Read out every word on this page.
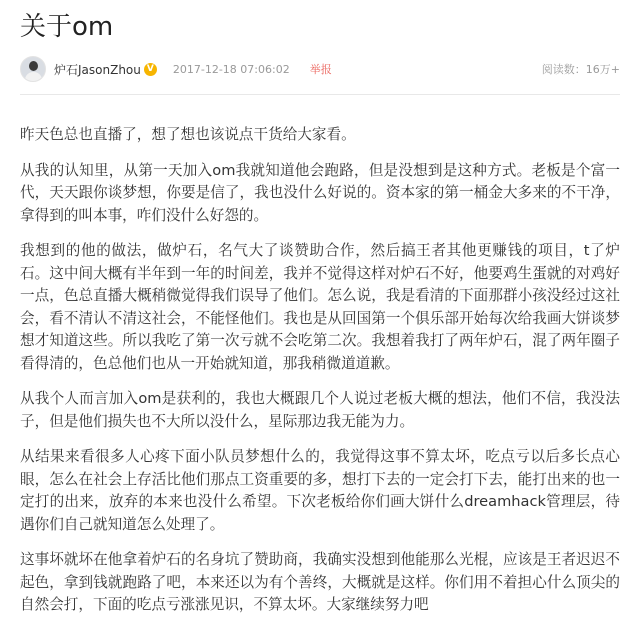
关于om
炉石JasonZhou V 2017-12-18 07:06:02 举报	阅读数：16万+

昨天色总也直播了，想了想也该说点干货给大家看。

从我的认知里，从第一天加入om我就知道他会跑路，但是没想到是这种方式。老板是个富一代，天天跟你谈梦想，你要是信了，我也没什么好说的。资本家的第一桶金大多来的不干净，拿得到的叫本事，咋们没什么好怨的。

我想到的他的做法，做炉石，名气大了谈赞助合作，然后搞王者其他更赚钱的项目，t了炉石。这中间大概有半年到一年的时间差，我并不觉得这样对炉石不好，他要鸡生蛋就的对鸡好一点，色总直播大概稍微觉得我们误导了他们。怎么说，我是看清的下面那群小孩没经过这社会，看不清认不清这社会，不能怪他们。我也是从回国第一个俱乐部开始每次给我画大饼谈梦想才知道这些。所以我吃了第一次亏就不会吃第二次。我想着我打了两年炉石，混了两年圈子看得清的，色总他们也从一开始就知道，那我稍微道道歉。

从我个人而言加入om是获利的，我也大概跟几个人说过老板大概的想法，他们不信，我没法子，但是他们损失也不大所以没什么，星际那边我无能为力。

从结果来看很多人心疼下面小队员梦想什么的，我觉得这事不算太坏，吃点亏以后多长点心眼，怎么在社会上存活比他们那点工资重要的多，想打下去的一定会打下去，能打出来的也一定打的出来，放弃的本来也没什么希望。下次老板给你们画大饼什么dreamhack管理层，待遇你们自己就知道怎么处理了。

这事坏就坏在他拿着炉石的名身坑了赞助商，我确实没想到他能那么光棍，应该是王者迟迟不起色，拿到钱就跑路了吧，本来还以为有个善终，大概就是这样。你们用不着担心什么顶尖的自然会打，下面的吃点亏涨涨见识，不算太坏。大家继续努力吧
